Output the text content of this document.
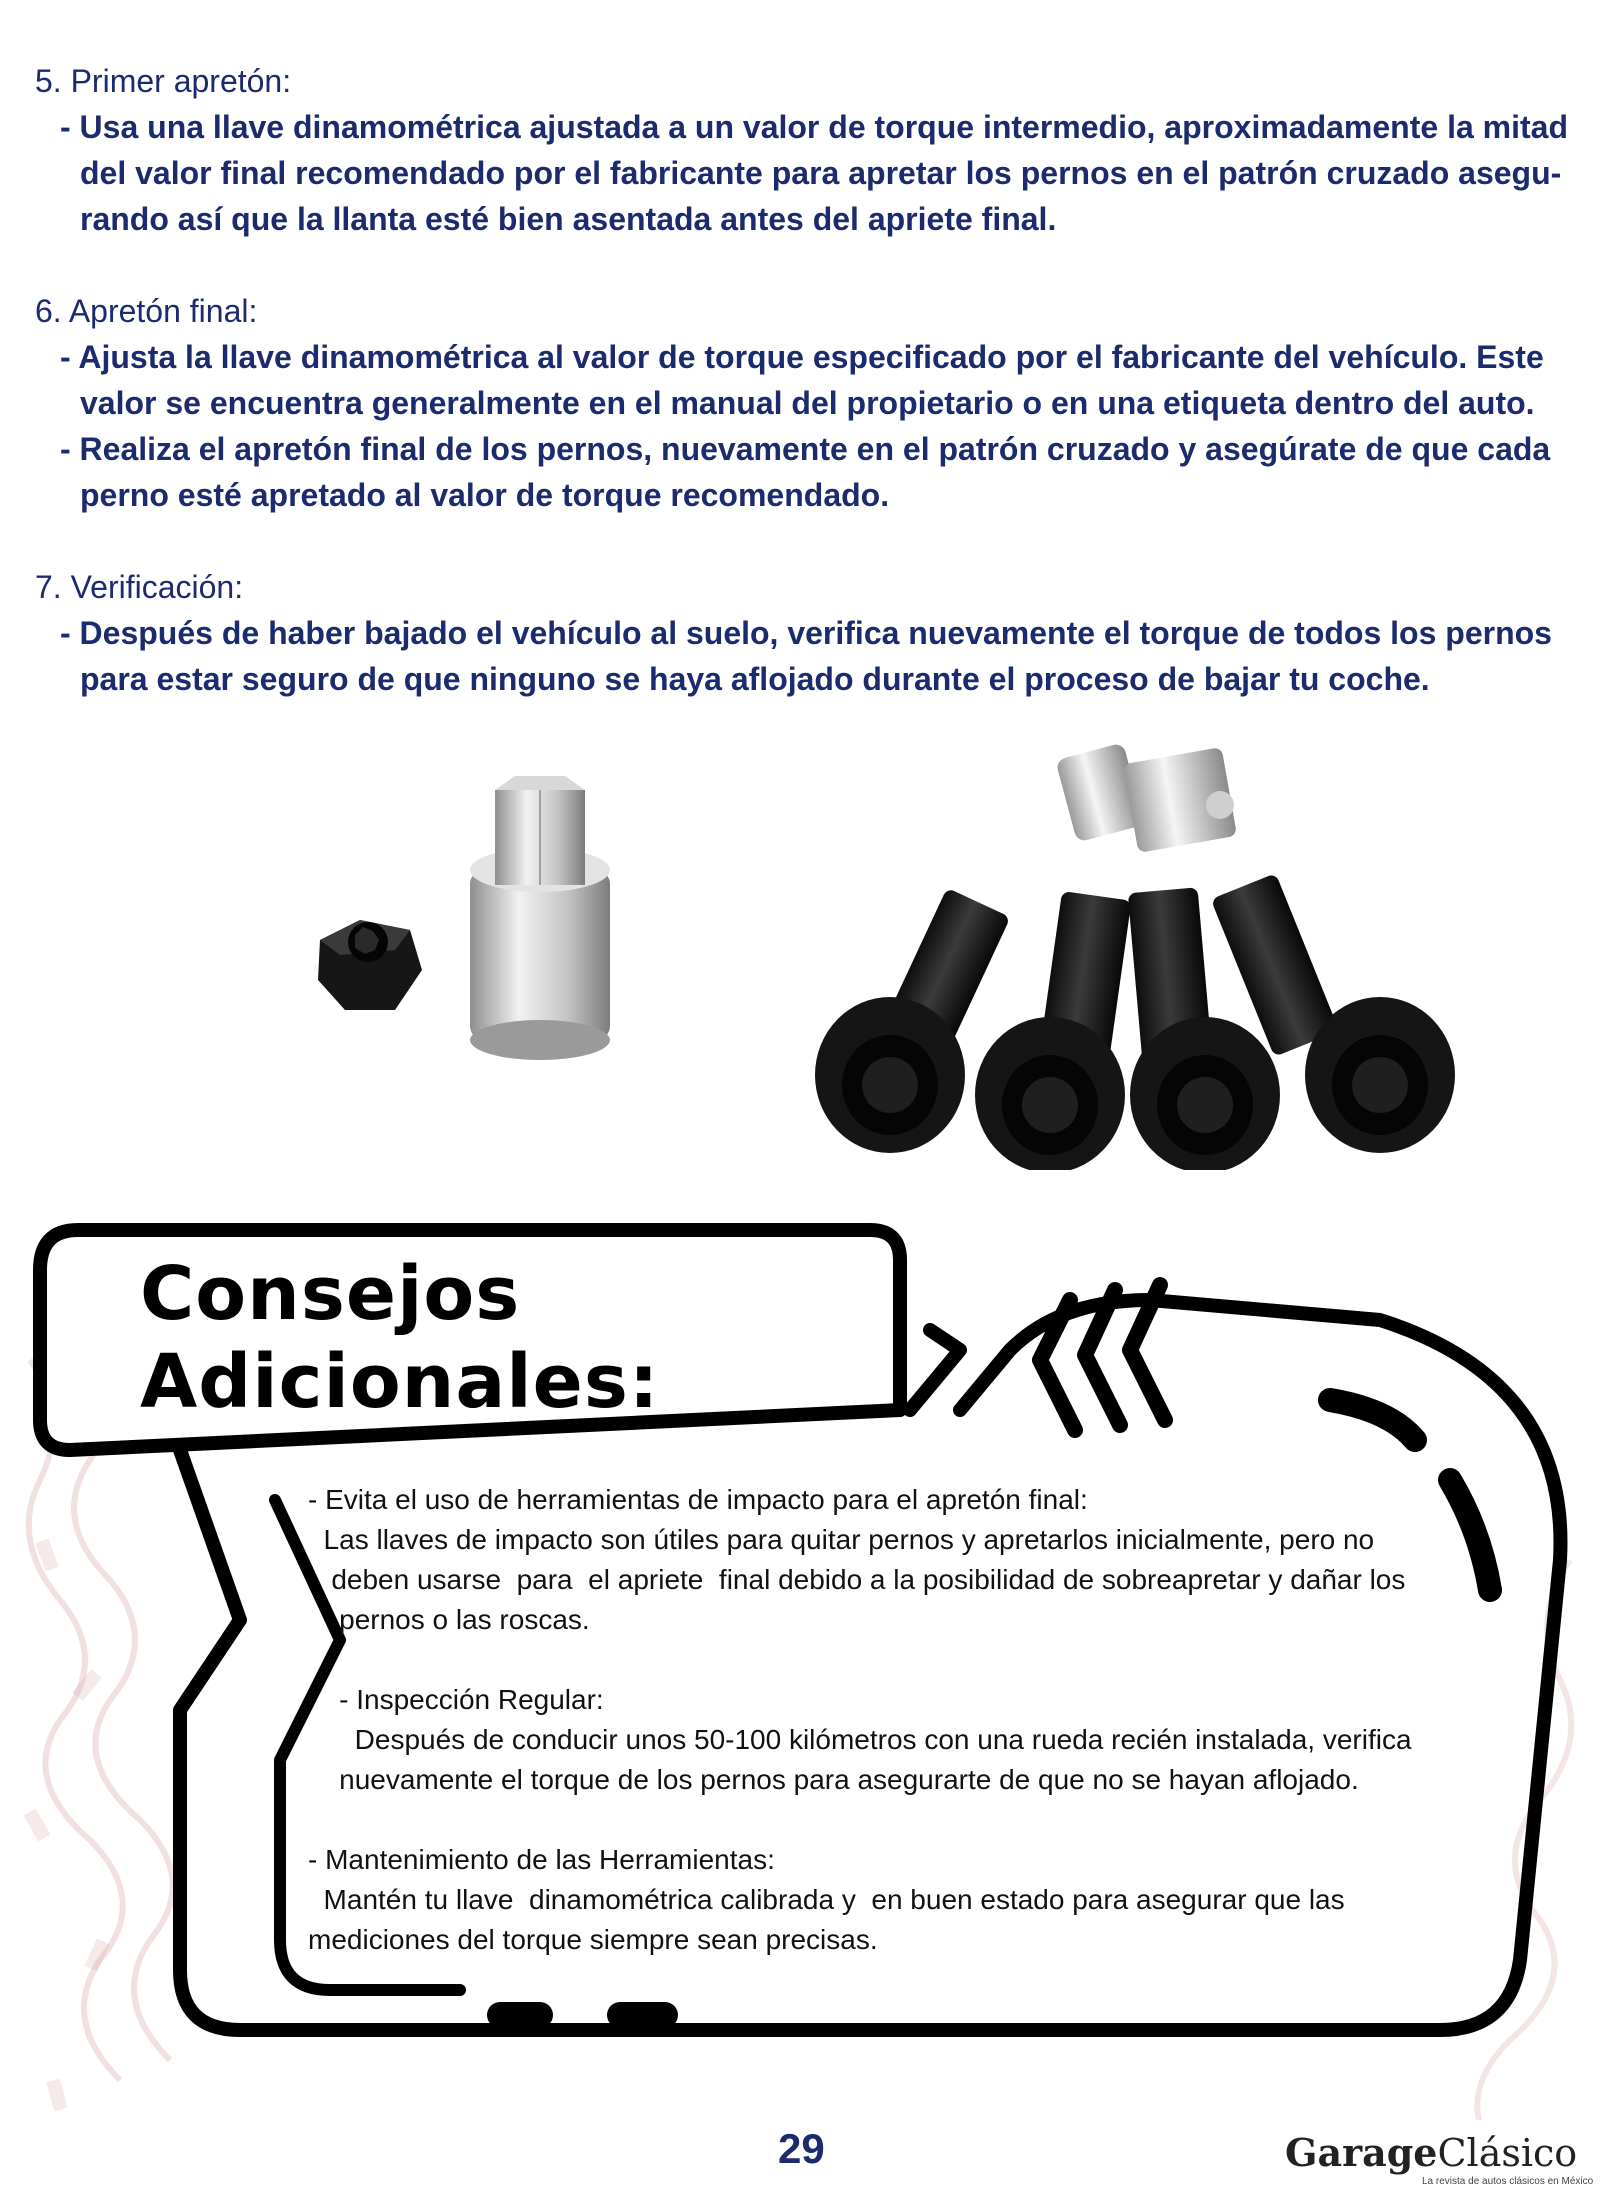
5. Primer apretón:
- Usa una llave dinamométrica ajustada a un valor de torque intermedio, aproximadamente la mitad
del valor final recomendado por el fabricante para apretar los pernos en el patrón cruzado asegu-
rando así que la llanta esté bien asentada antes del apriete final.
6. Apretón final:
- Ajusta la llave dinamométrica al valor de torque especificado por el fabricante del vehículo. Este
valor se encuentra generalmente en el manual del propietario o en una etiqueta dentro del auto.
- Realiza el apretón final de los pernos, nuevamente en el patrón cruzado y asegúrate de que cada
perno esté apretado al valor de torque recomendado.
7. Verificación:
- Después de haber bajado el vehículo al suelo, verifica nuevamente el torque de todos los pernos
para estar seguro de que ninguno se haya aflojado durante el proceso de bajar tu coche.
Consejos
Adicionales:
- Evita el uso de herramientas de impacto para el apretón final:
Las llaves de impacto son útiles para quitar pernos y apretarlos inicialmente, pero no
deben usarse  para  el apriete  final debido a la posibilidad de sobreapretar y dañar los
pernos o las roscas.
- Inspección Regular:
Después de conducir unos 50-100 kilómetros con una rueda recién instalada, verifica
nuevamente el torque de los pernos para asegurarte de que no se hayan aflojado.
- Mantenimiento de las Herramientas:
Mantén tu llave  dinamométrica calibrada y  en buen estado para asegurar que las
mediciones del torque siempre sean precisas.
29	GarageClásico
La revista de autos clásicos en México
